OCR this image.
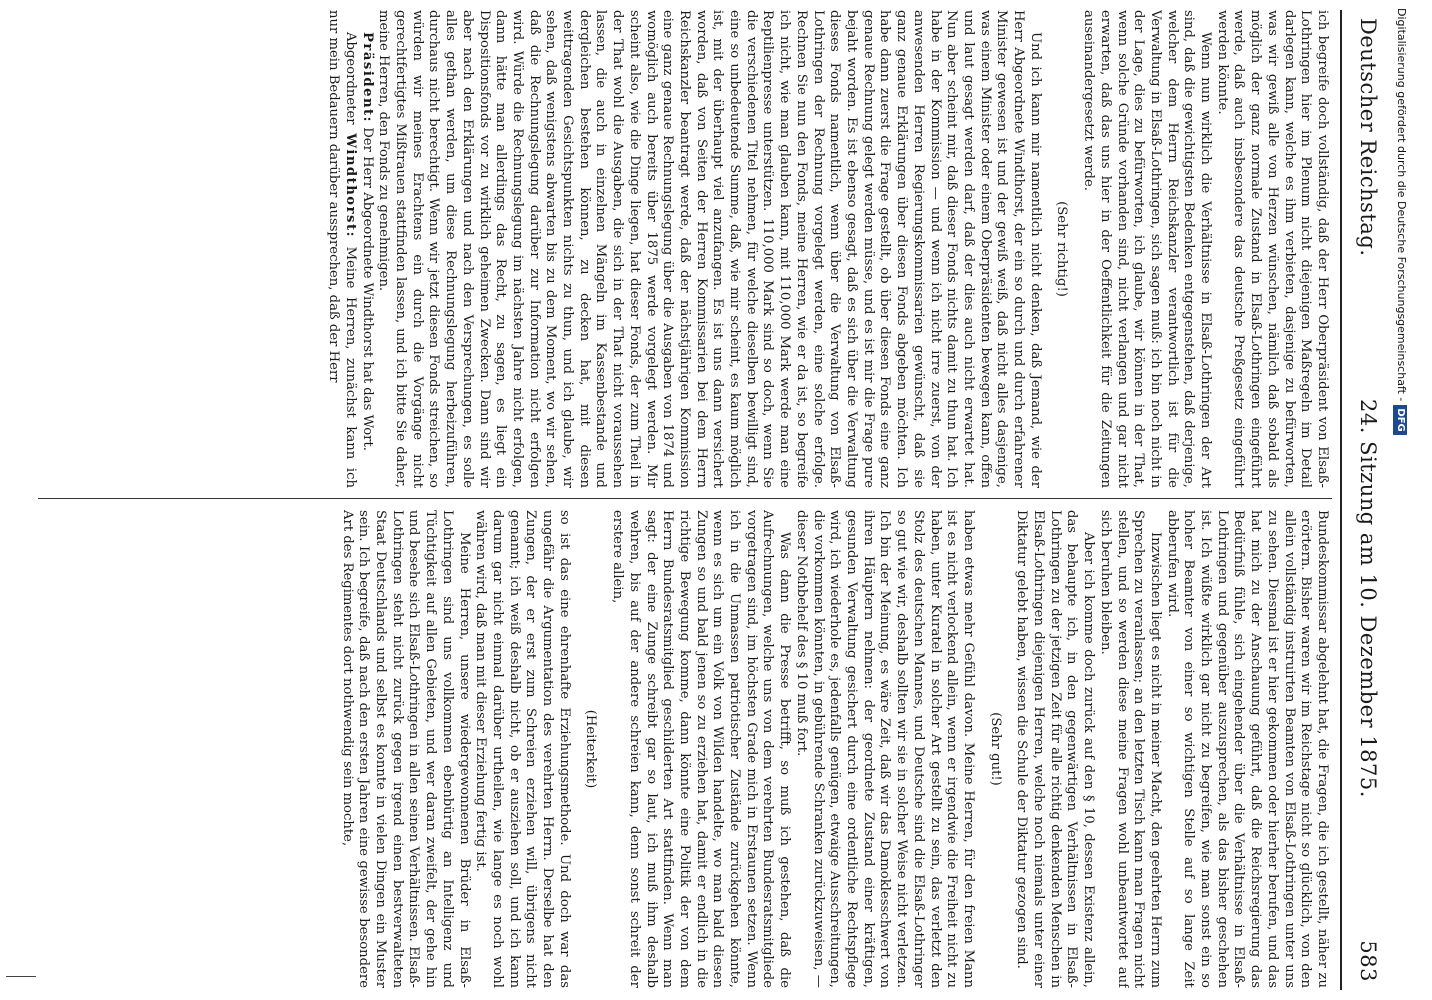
Deutscher Reichstag.
24. Sitzung am 10. Dezember 1875.
583

ich begreife doch vollständig, daß der Herr Oberpräsident von Elsaß-Lothringen hier im Plenum nicht diejenigen Maßregeln im Detail darlegen kann, welche es ihm verbieten, dasjenige zu befürworten, was wir gewiß alle von Herzen wünschen, nämlich daß sobald als möglich der ganz normale Zustand in Elsaß-Lothringen eingeführt werde, daß auch insbesondere das deutsche Preßgesetz eingeführt werden könnte.

Wenn nun wirklich die Verhältnisse in Elsaß-Lothringen der Art sind, daß die gewichtigsten Bedenken entgegenstehen, daß derjenige, welcher dem Herrn Reichskanzler verantwortlich ist für die Verwaltung in Elsaß-Lothringen, sich sagen muß: ich bin noch nicht in der Lage, dies zu befürworten, ich glaube, wir können in der That, wenn solche Gründe vorhanden sind, nicht verlangen und gar nicht erwarten, daß das uns hier in der Oeffentlichkeit für die Zeitungen auseinandergesetzt werde.

(Sehr richtig!)

Und ich kann mir namentlich nicht denken, daß Jemand, wie der Herr Abgeordnete Windthorst, der ein so durch und durch erfahrener Minister gewesen ist und der gewiß weiß, daß nicht alles dasjenige, was einem Minister oder einem Oberpräsidenten bewegen kann, offen und laut gesagt werden darf, daß der dies auch nicht erwartet hat. Nun aber scheint mir, daß dieser Fonds nichts damit zu thun hat. Ich habe in der Kommission — und wenn ich nicht irre zuerst, von der anwesenden Herren Regierungskommissarien gewünscht, daß sie ganz genaue Erklärungen über diesen Fonds abgeben möchten. Ich habe dann zuerst die Frage gestellt, ob über diesen Fonds eine ganz genaue Rechnung gelegt werden müsse, und es ist mir die Frage pure bejaht worden. Es ist ebenso gesagt, daß es sich über die Verwaltung dieses Fonds namentlich, wenn über die Verwaltung von Elsaß-Lothringen der Rechnung vorgelegt werden, eine solche erfolge. Rechnen Sie nun den Fonds, meine Herren, wie er da ist, so begreife ich nicht, wie man glauben kann, mit 110,000 Mark werde man eine Reptilienpresse unterstützen. 110,000 Mark sind so doch, wenn Sie die verschiedenen Titel nehmen, für welche dieselben bewilligt sind, eine so unbedeutende Summe, daß, wie mir scheint, es kaum möglich ist, mit der überhaupt viel anzufangen. Es ist uns dann versichert worden, daß von Seiten der Herren Kommissarien bei dem Herrn Reichskanzler beantragt werde, daß der nächstjährigen Kommission eine ganz genaue Rechnungslegung über die Ausgaben von 1874 und womöglich auch bereits über 1875 werde vorgelegt werden. Mir scheint also, wie die Dinge liegen, hat dieser Fonds, der zum Theil in der That wohl die Ausgaben, die sich in der That nicht voraussehen lassen, die auch in einzelnen Mängeln im Kassenbestande und dergleichen bestehen können, zu decken hat, mit diesen weittragenden Gesichtspunkten nichts zu thun, und ich glaube, wir sehen, daß wenigstens abwarten bis zu dem Moment, wo wir sehen, daß die Rechnungslegung darüber zur Information nicht erfolgen wird. Würde die Rechnungslegung im nächsten Jahre nicht erfolgen, dann hätte man allerdings das Recht, zu sagen, es liegt ein Dispositionsfonds vor zu wirklich geheimen Zwecken. Dann sind wir aber nach den Erklärungen und nach den Versprechungen, es solle alles gethan werden, um diese Rechnungslegung herbeizuführen, durchaus nicht berechtigt. Wenn wir jetzt diesen Fonds streichen, so würden wir meines Erachtens ein durch die Vorgänge nicht gerechtfertigtes Mißtrauen stattfinden lassen, und ich bitte Sie daher, meine Herren, den Fonds zu genehmigen.

Präsident: Der Herr Abgeordnete Windthorst hat das Wort.

Abgeordneter Windthorst: Meine Herren, zunächst kann ich nur mein Bedauern darüber aussprechen, daß der Herr

Bundeskommissar abgelehnt hat, die Fragen, die ich gestellt, näher zu erörtern. Bisher waren wir im Reichstage nicht so glücklich, von den allein vollständig instruirten Beamten von Elsaß-Lothringen unter uns zu sehen. Diesmal ist er hier gekommen oder hierher berufen, und das hat mich zu der Anschauung geführt, daß die Reichsregierung das Bedürfniß fühle, sich eingehender über die Verhältnisse in Elsaß-Lothringen und gegenüber auszusprechen, als das bisher geschehen ist. Ich wüßte wirklich gar nicht zu begreifen, wie man sonst ein so hoher Beamter von einer so wichtigen Stelle auf so lange Zeit abberufen wird.

Inzwischen liegt es nicht in meiner Macht, den geehrten Herrn zum Sprechen zu veranlassen; an den letzten Tisch kann man Fragen nicht stellen, und so werden diese meine Fragen wohl unbeantwortet auf sich beruhen bleiben.

Aber ich komme doch zurück auf den § 10, dessen Existenz allein, das behaupte ich, in den gegenwärtigen Verhältnissen in Elsaß-Lothringen zu der jetzigen Zeit für alle richtig denkenden Menschen in Elsaß-Lothringen diejenigen Herren, welche noch niemals unter einer Diktatur gelebt haben, wissen die Schule der Diktatur gezogen sind.

(Sehr gut!)

haben etwas mehr Gefühl davon. Meine Herren, für den freien Mann ist es nicht verlockend allein, wenn er irgendwie die Freiheit nicht zu haben, unter Kuratel in solcher Art gestellt zu sein, das verletzt den Stolz des deutschen Mannes, und Deutsche sind die Elsaß-Lothringer so gut wie wir, deshalb sollten wir sie in solcher Weise nicht verletzen. Ich bin der Meinung, es wäre Zeit, daß wir das Damoklesschwert von ihren Häuptern nehmen: der geordnete Zustand einer kräftigen, gesunden Verwaltung gesichert durch eine ordentliche Rechtspflege wird, ich wiederhole es, jedenfalls genügen, etwaige Ausschreitungen, die vorkommen könnten, in gebührende Schranken zurückzuweisen, — dieser Nothbehelf des § 10 muß fort.

Was dann die Presse betrifft, so muß ich gestehen, daß die Aufrechnungen, welche uns von dem verehrten Bundesratsmitgliede vorgetragen sind, im höchsten Grade mich in Erstaunen setzen. Wenn ich in die Unmassen patriotischer Zustände zurückgehen könnte, wenn es sich um ein Volk von Wilden handelte, wo man bald diesen Zungen so und bald jenen so zu erziehen hat, damit er endlich in die richtige Bewegung komme, dann könnte eine Politik der von dem Herrn Bundesratsmitglied geschilderten Art stattfinden. Wenn man sagt: der eine Zunge schreibt gar so laut, ich muß ihm deshalb wehren, bis auf der andere schreien kann, denn sonst schreit der erstere allein,

(Heiterkeit)

so ist das eine ehrenhafte Erziehungsmethode. Und doch war das ungefähr die Argumentation des verehrten Herrn. Derselbe hat den Zungen, der er erst zum Schreien erziehen will, übrigens nicht genannt; ich weiß deshalb nicht, ob er ausziehen soll, und ich kann darum gar nicht einmal darüber urtheilen, wie lange es noch wohl währen wird, daß man mit dieser Erziehung fertig ist.

Meine Herren, unsere wiedergewonnenen Brüder in Elsaß-Lothringen sind uns vollkommen ebenbürtig an Intelligenz und Tüchtigkeit auf allen Gebieten, und wer daran zweifelt, der gehe hin und besehe sich Elsaß-Lothringen in allen seinen Verhältnissen. Elsaß-Lothringen steht nicht zurück gegen irgend einen bestverwalteten Staat Deutschlands und selbst es konnte in vielen Dingen ein Muster sein. Ich begreife, daß nach den ersten Jahren eine gewisse besondere Art des Regimentes dort nothwendig sein mochte,

Digitalisierung gefördert durch die Deutsche Forschungsgemeinschaft -DFG
